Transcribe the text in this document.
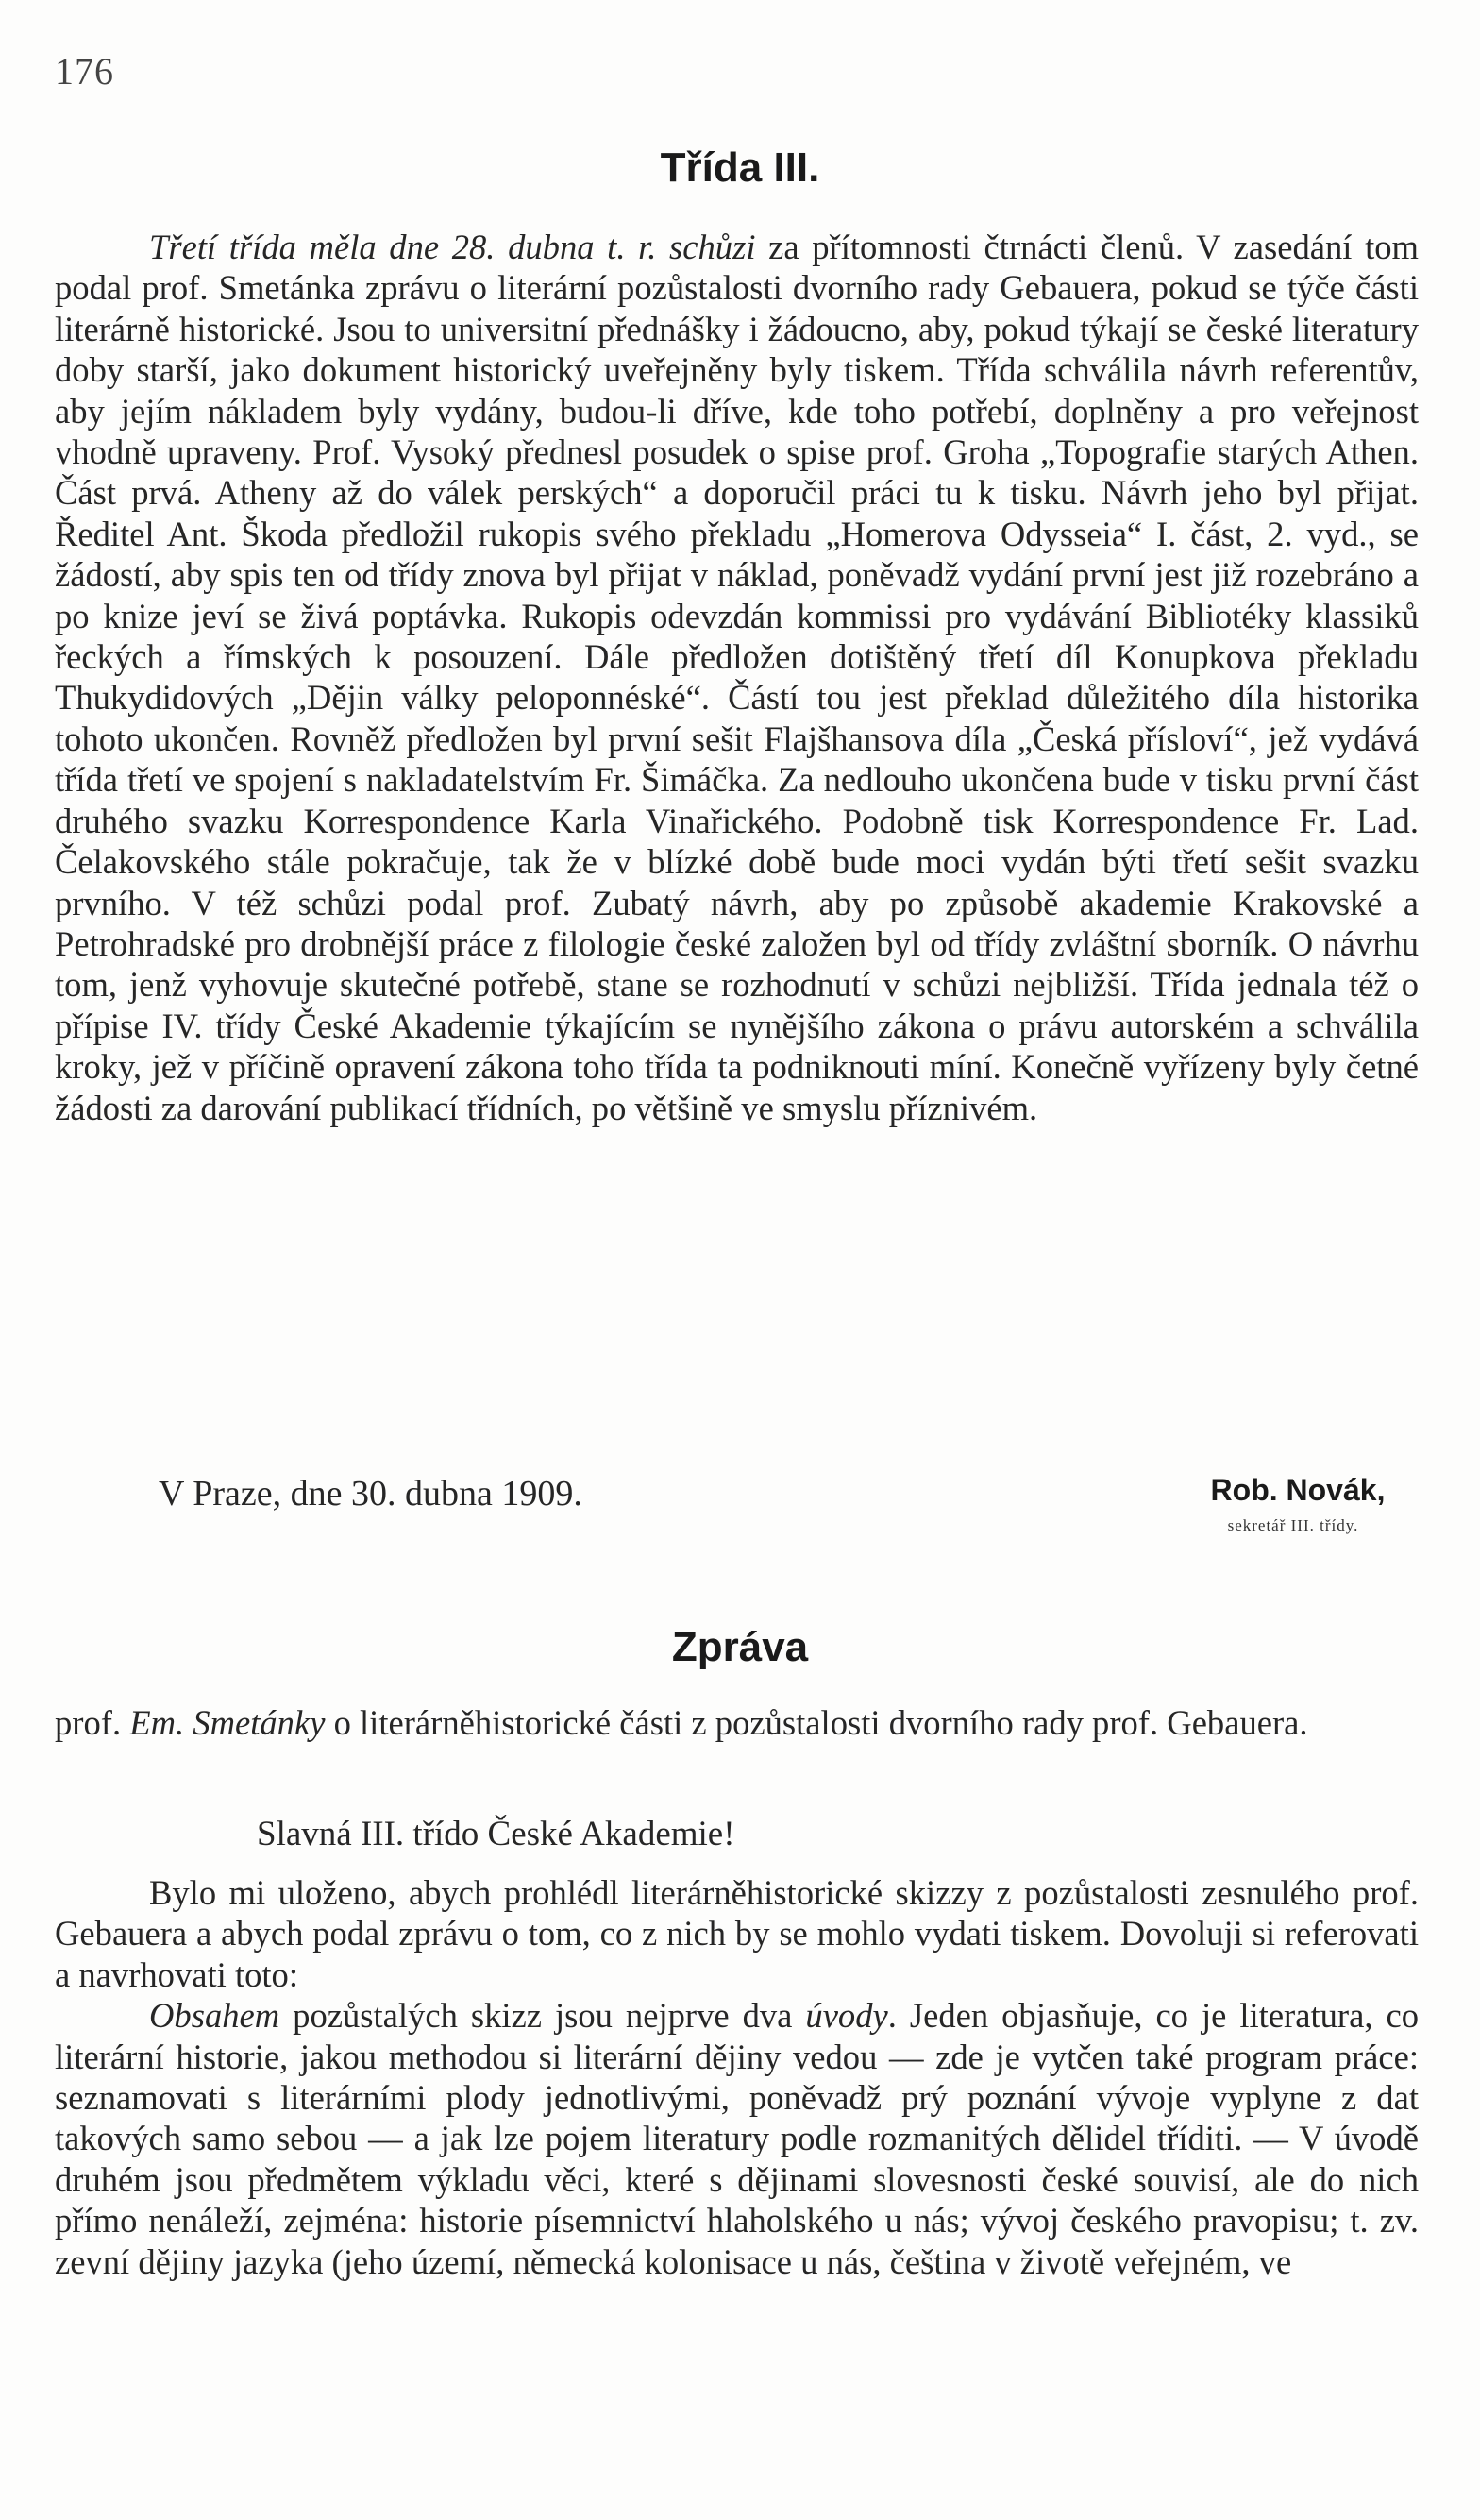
176
Třída III.

Třetí třída měla dne 28. dubna t. r. schůzi za přítomnosti čtrnácti členů. V zasedání tom podal prof. Smetánka zprávu o literární pozůstalosti dvorního rady Gebauera, pokud se týče části literárně historické. Jsou to universitní přednášky i žádoucno, aby, pokud týkají se české literatury doby starší, jako dokument historický uveřejněny byly tiskem. Třída schválila návrh referentův, aby jejím nákladem byly vydány, budou-li dříve, kde toho potřebí, doplněny a pro veřejnost vhodně upraveny. Prof. Vysoký přednesl posudek o spise prof. Groha „Topografie starých Athen. Část prvá. Atheny až do válek perských“ a doporučil práci tu k tisku. Návrh jeho byl přijat. Ředitel Ant. Škoda předložil rukopis svého překladu „Homerova Odysseia“ I. část, 2. vyd., se žádostí, aby spis ten od třídy znova byl přijat v náklad, poněvadž vydání první jest již rozebráno a po knize jeví se živá poptávka. Rukopis odevzdán kommissi pro vydávání Bibliotéky klassiků řeckých a římských k posouzení. Dále předložen dotištěný třetí díl Konupkova překladu Thukydidových „Dějin války peloponnéské“. Částí tou jest překlad důležitého díla historika tohoto ukončen. Rovněž předložen byl první sešit Flajšhansova díla „Česká přísloví“, jež vydává třída třetí ve spojení s nakladatelstvím Fr. Šimáčka. Za nedlouho ukončena bude v tisku první část druhého svazku Korrespondence Karla Vinařického. Podobně tisk Korrespondence Fr. Lad. Čelakovského stále pokračuje, tak že v blízké době bude moci vydán býti třetí sešit svazku prvního. V též schůzi podal prof. Zubatý návrh, aby po způsobě akademie Krakovské a Petrohradské pro drobnější práce z filologie české založen byl od třídy zvláštní sborník. O návrhu tom, jenž vyhovuje skutečné potřebě, stane se rozhodnutí v schůzi nejbližší. Třída jednala též o přípise IV. třídy České Akademie týkajícím se nynějšího zákona o právu autorském a schválila kroky, jež v příčině opravení zákona toho třída ta podniknouti míní. Konečně vyřízeny byly četné žádosti za darování publikací třídních, po většině ve smyslu příznivém.

V Praze, dne 30. dubna 1909.	Rob. Novák,
sekretář III. třídy.
Zpráva

prof. Em. Smetánky o literárněhistorické části z pozůstalosti dvorního rady prof. Gebauera.

Slavná III. třído České Akademie!

Bylo mi uloženo, abych prohlédl literárněhistorické skizzy z pozůstalosti zesnulého prof. Gebauera a abych podal zprávu o tom, co z nich by se mohlo vydati tiskem. Dovoluji si referovati a navrhovati toto:

Obsahem pozůstalých skizz jsou nejprve dva úvody. Jeden objasňuje, co je literatura, co literární historie, jakou methodou si literární dějiny vedou — zde je vytčen také program práce: seznamovati s literárními plody jednotlivými, poněvadž prý poznání vývoje vyplyne z dat takových samo sebou — a jak lze pojem literatury podle rozmanitých dělidel tříditi. — V úvodě druhém jsou předmětem výkladu věci, které s dějinami slovesnosti české souvisí, ale do nich přímo nenáleží, zejména: historie písemnictví hlaholského u nás; vývoj českého pravopisu; t. zv. zevní dějiny jazyka (jeho území, německá kolonisace u nás, čeština v životě veřejném, ve
